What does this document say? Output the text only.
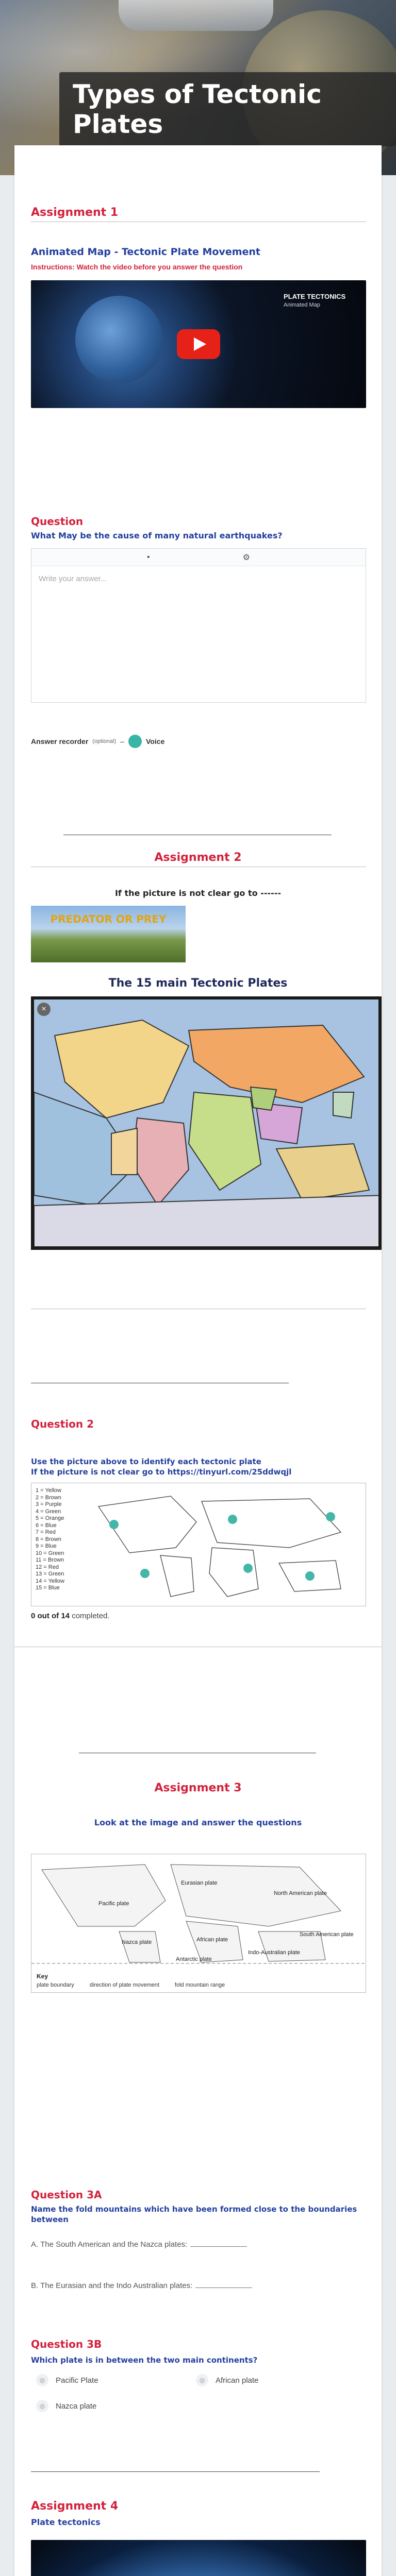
Types of Tectonic Plates
Assignment 1
Animated Map - Tectonic Plate Movement
Instructions: Watch the video before you answer the question
PLATE TECTONICS
Animated Map
Question
What May be the cause of many natural earthquakes?
•	⚙
Write your answer...
Answer recorder (optional) –	Voice
Assignment 2
If the picture is not clear go to ------
PREDATOR OR PREY
The 15 main Tectonic Plates
×
Question 2
Use the picture above to identify each tectonic plate
If the picture is not clear go to https://tinyurl.com/25ddwqjl
1 = Yellow
2 = Brown
3 = Purple
4 = Green
5 = Orange
6 = Blue
7 = Red
8 = Brown
9 = Blue
10 = Green
11 = Brown
12 = Red
13 = Green
14 = Yellow
15 = Blue
0 out of 14 completed.
Assignment 3
Look at the image and answer the questions
Eurasian plate
North American plate
Pacific plate
African plate
South American plate
Nazca plate
Indo-Australian plate
Antarctic plate
Key
plate boundary	direction of plate movement	fold mountain range
Question 3A
Name the fold mountains which have been formed close to the boundaries between
A. The South American and the Nazca plates:
B. The Eurasian and the Indo Australian plates:
Question 3B
Which plate is in between the two main continents?
◎	Pacific Plate	◎	African plate
◎	Nazca plate
Assignment 4
Plate tectonics
